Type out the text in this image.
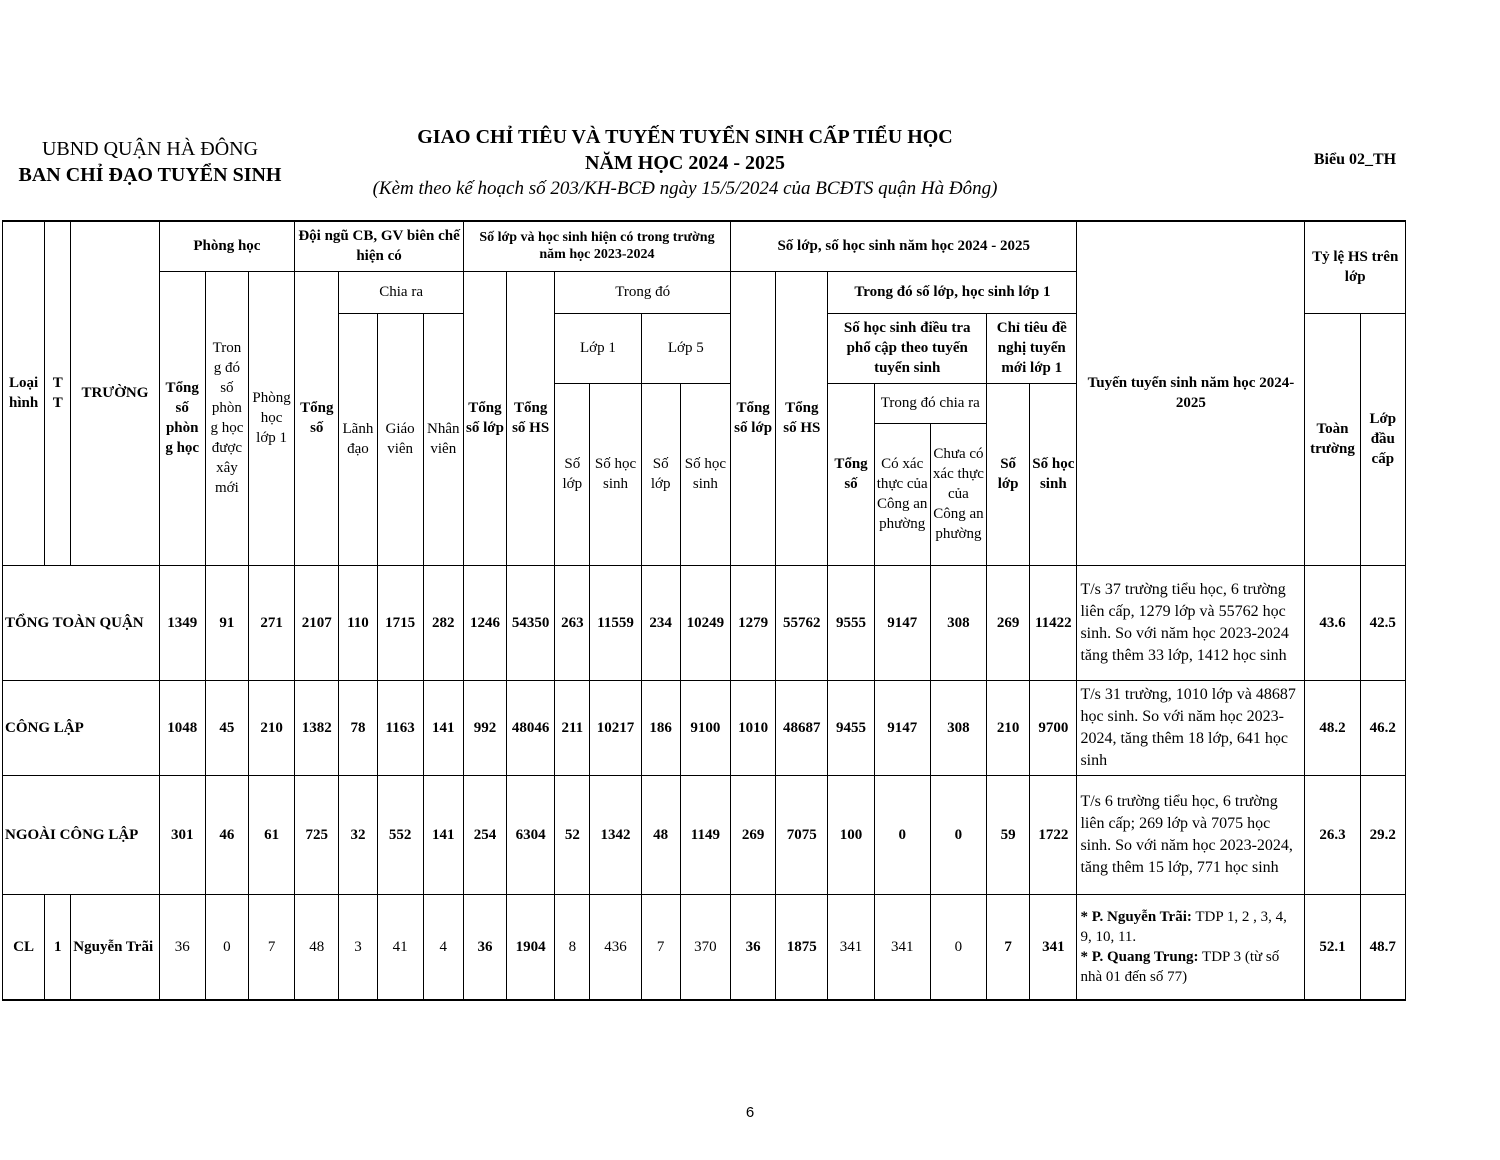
UBND QUẬN HÀ ĐÔNG
BAN CHỈ ĐẠO TUYỂN SINH
GIAO CHỈ TIÊU VÀ TUYẾN TUYỂN SINH CẤP TIỂU HỌC
NĂM HỌC 2024 - 2025
(Kèm theo kế hoạch số 203/KH-BCĐ ngày 15/5/2024 của BCĐTS quận Hà Đông)
Biểu 02_TH
Loại hình	T T	TRƯỜNG	Phòng học			Đội ngũ CB, GV biên chế hiện có				Số lớp và học sinh hiện có trong trường năm học 2023-2024						Số lớp, số học sinh năm học 2024 - 2025							Tuyến tuyển sinh năm học 2024-2025	Tỷ lệ HS trên lớp	
			Tổng số phòn g học	Tron g đó số phòn g học được xây mới	Phòng học lớp 1	Tổng số	Chia ra			Tổng số lớp	Tổng số HS	Trong đó				Tổng số lớp	Tổng số HS	Trong đó số lớp, học sinh lớp 1							
							Lãnh đạo	Giáo viên	Nhân viên			Lớp 1		Lớp 5				Số học sinh điều tra phổ cập theo tuyến tuyển sinh			Chỉ tiêu đề nghị tuyển mới lớp 1			Toàn trường	Lớp đầu cấp
												Số lớp	Số học sinh	Số lớp	Số học sinh			Tổng số	Trong đó chia ra		Số lớp	Số học sinh			
																			Có xác thực của Công an phường	Chưa có xác thực của Công an phường					
TỔNG TOÀN QUẬN			1349	91	271	2107	110	1715	282	1246	54350	263	11559	234	10249	1279	55762	9555	9147	308	269	11422	T/s 37 trường tiểu học, 6 trường liên cấp, 1279 lớp và 55762 học sinh. So với năm học 2023-2024 tăng thêm 33 lớp, 1412 học sinh	43.6	42.5
CÔNG LẬP			1048	45	210	1382	78	1163	141	992	48046	211	10217	186	9100	1010	48687	9455	9147	308	210	9700	T/s 31 trường, 1010 lớp và 48687 học sinh. So với năm học 2023-2024, tăng thêm 18 lớp, 641 học sinh	48.2	46.2
NGOÀI CÔNG LẬP			301	46	61	725	32	552	141	254	6304	52	1342	48	1149	269	7075	100	0	0	59	1722	T/s 6 trường tiểu học, 6 trường liên cấp; 269 lớp và 7075 học sinh. So với năm học 2023-2024, tăng thêm 15 lớp, 771 học sinh	26.3	29.2
CL	1	Nguyễn Trãi	36	0	7	48	3	41	4	36	1904	8	436	7	370	36	1875	341	341	0	7	341	* P. Nguyễn Trãi: TDP 1, 2 , 3, 4, 9, 10, 11.
* P. Quang Trung: TDP 3 (từ số nhà 01 đến số 77)	52.1	48.7
6
